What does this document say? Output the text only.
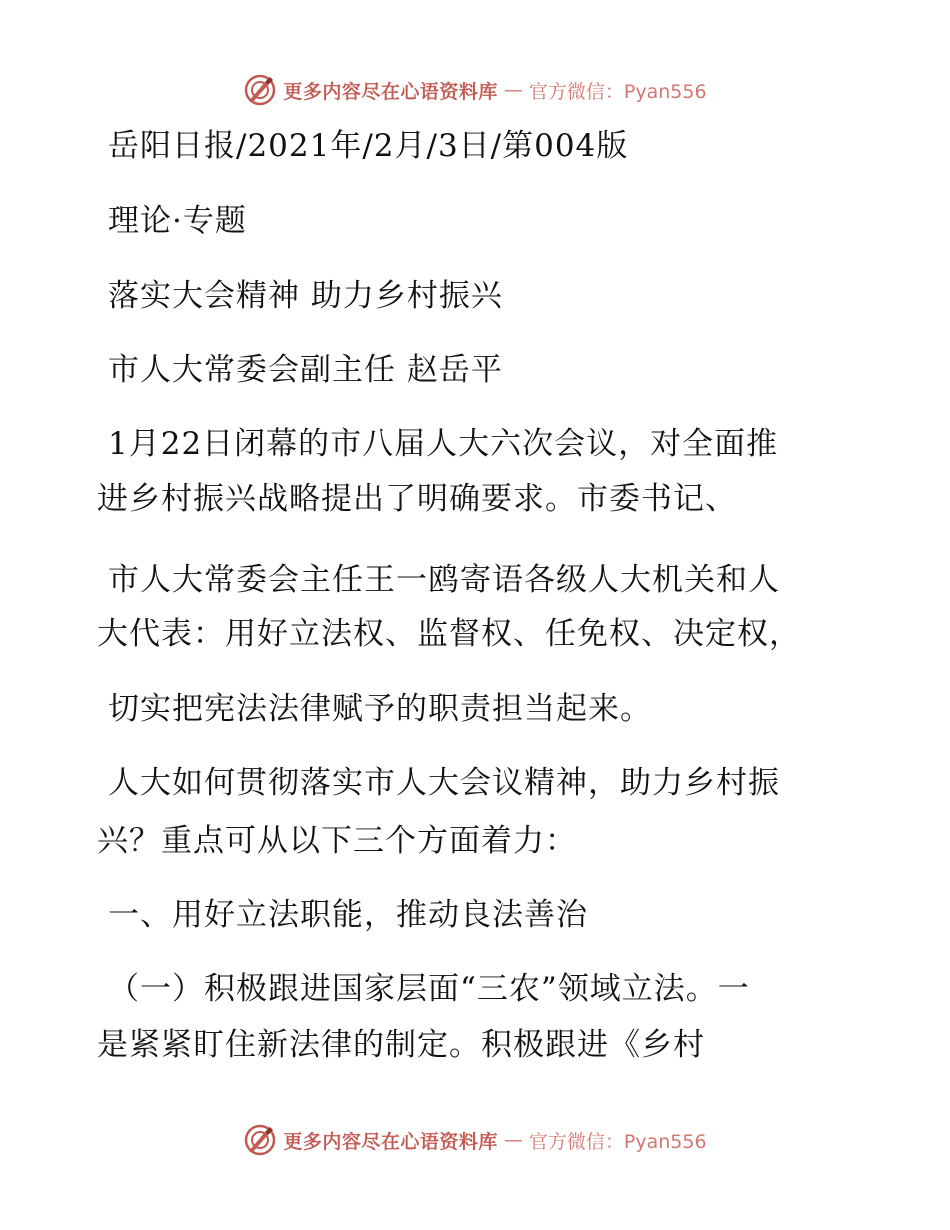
更多内容尽在心语资料库 — 官方微信：Pyan556
岳阳日报/2021年/2月/3日/第004版
理论·专题
落实大会精神 助力乡村振兴
市人大常委会副主任 赵岳平
1月22日闭幕的市八届人大六次会议，对全面推
进乡村振兴战略提出了明确要求。市委书记、
市人大常委会主任王一鸥寄语各级人大机关和人
大代表：用好立法权、监督权、任免权、决定权，
切实把宪法法律赋予的职责担当起来。
人大如何贯彻落实市人大会议精神，助力乡村振
兴？重点可从以下三个方面着力：
一、用好立法职能，推动良法善治
（一）积极跟进国家层面“三农”领域立法。一
是紧紧盯住新法律的制定。积极跟进《乡村
更多内容尽在心语资料库 — 官方微信：Pyan556
